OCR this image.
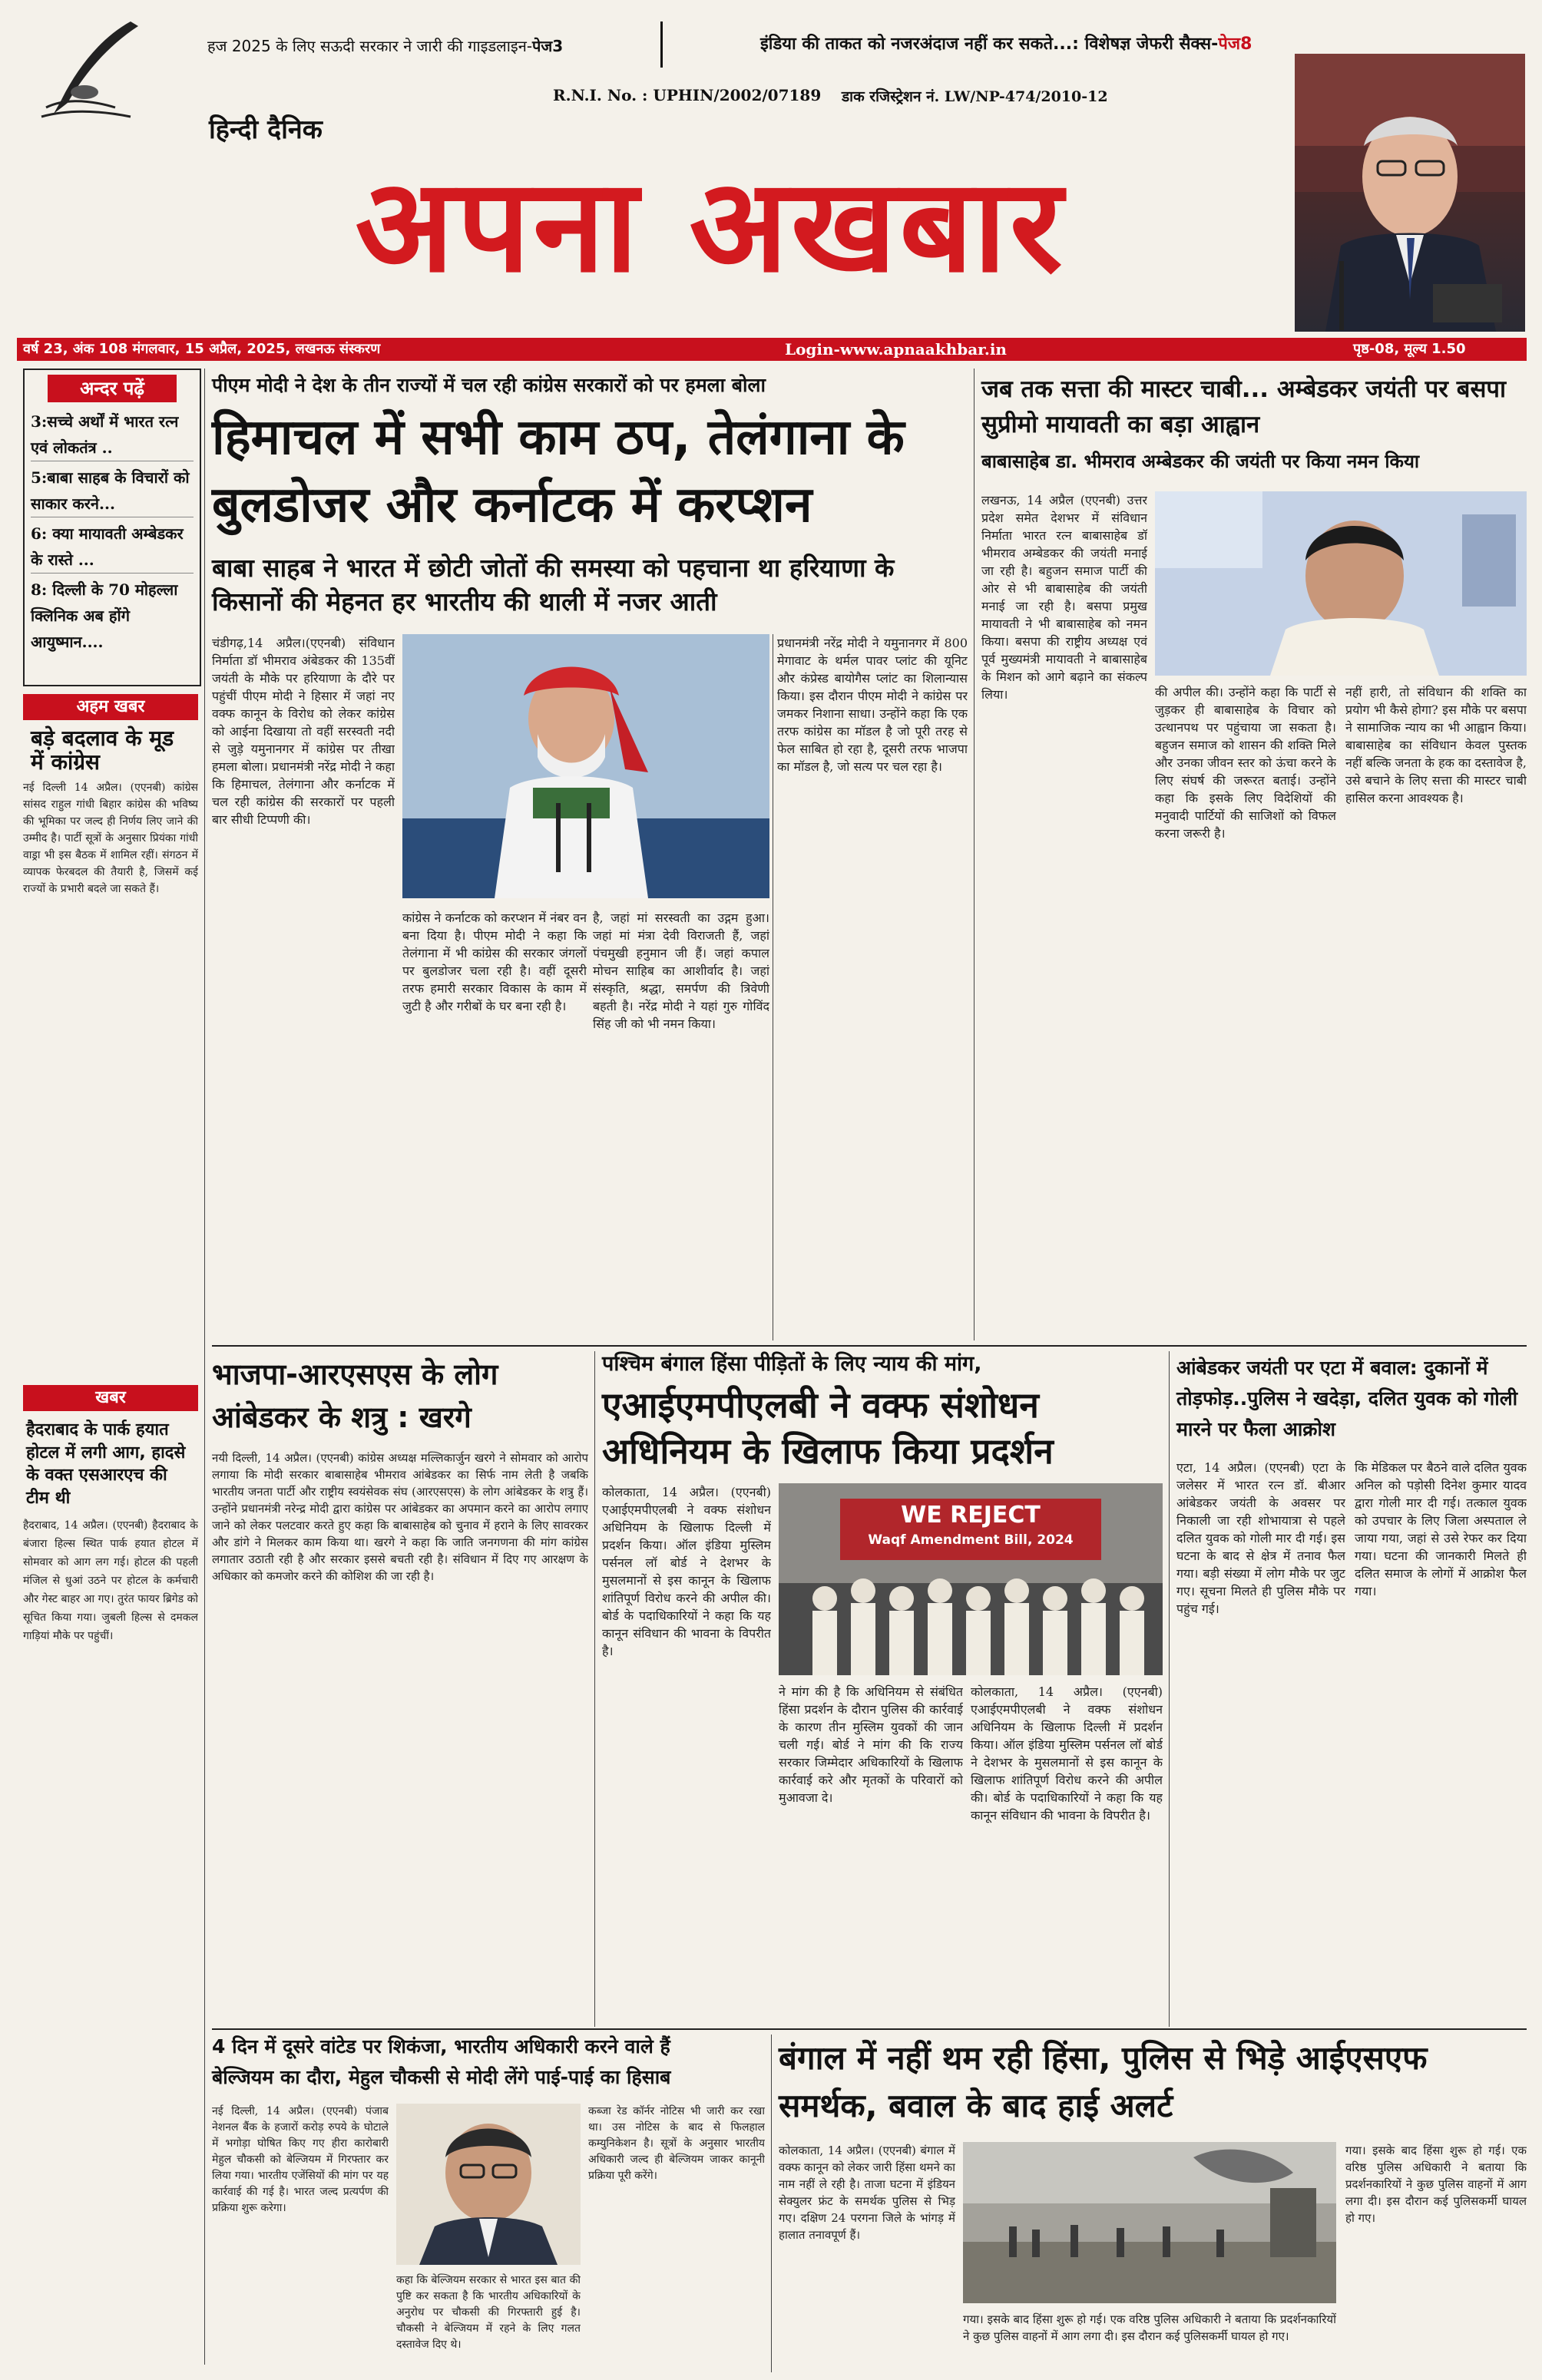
हज 2025 के लिए सऊदी सरकार ने जारी की गाइडलाइन-पेज3	इंडिया की ताकत को नजरअंदाज नहीं कर सकते...: विशेषज्ञ जेफरी सैक्स-पेज8
R.N.I. No. : UPHIN/2002/07189 डाक रजिस्ट्रेशन नं. LW/NP-474/2010-12
हिन्दी दैनिक
अपना अखबार
वर्ष 23, अंक 108 मंगलवार, 15 अप्रैल, 2025, लखनऊ संस्करण	Login-www.apnaakhbar.in	पृष्ठ-08, मूल्य 1.50
अन्दर पढ़ें
3:सच्चे अर्थों में भारत रत्न एवं लोकतंत्र ..
5:बाबा साहब के विचारों को साकार करने...
6: क्या मायावती अम्बेडकर के रास्ते ...
8: दिल्ली के 70 मोहल्ला क्लिनिक अब होंगे आयुष्मान....
अहम खबर
बड़े बदलाव के मूड में कांग्रेस
नई दिल्ली 14 अप्रैल। (एएनबी) कांग्रेस सांसद राहुल गांधी बिहार कांग्रेस की भविष्य की भूमिका पर जल्द ही निर्णय लिए जाने की उम्मीद है। पार्टी सूत्रों के अनुसार प्रियंका गांधी वाड्रा भी इस बैठक में शामिल रहीं। संगठन में व्यापक फेरबदल की तैयारी है, जिसमें कई राज्यों के प्रभारी बदले जा सकते हैं।
खबर
हैदराबाद के पार्क हयात होटल में लगी आग, हादसे के वक्त एसआरएच की टीम थी
हैदराबाद, 14 अप्रैल। (एएनबी) हैदराबाद के बंजारा हिल्स स्थित पार्क हयात होटल में सोमवार को आग लग गई। होटल की पहली मंजिल से धुआं उठने पर होटल के कर्मचारी और गेस्ट बाहर आ गए। तुरंत फायर ब्रिगेड को सूचित किया गया। जुबली हिल्स से दमकल गाड़ियां मौके पर पहुंचीं।
पीएम मोदी ने देश के तीन राज्यों में चल रही कांग्रेस सरकारों को पर हमला बोला
हिमाचल में सभी काम ठप, तेलंगाना के बुलडोजर और कर्नाटक में करप्शन
बाबा साहब ने भारत में छोटी जोतों की समस्या को पहचाना था हरियाणा के किसानों की मेहनत हर भारतीय की थाली में नजर आती
चंडीगढ़,14 अप्रैल।(एएनबी) संविधान निर्माता डॉ भीमराव अंबेडकर की 135वीं जयंती के मौके पर हरियाणा के दौरे पर पहुंचीं पीएम मोदी ने हिसार में जहां नए वक्फ कानून के विरोध को लेकर कांग्रेस को आईना दिखाया तो वहीं सरस्वती नदी से जुड़े यमुनानगर में कांग्रेस पर तीखा हमला बोला। प्रधानमंत्री नरेंद्र मोदी ने कहा कि हिमाचल, तेलंगाना और कर्नाटक में चल रही कांग्रेस की सरकारों पर पहली बार सीधी टिप्पणी की।
कांग्रेस ने कर्नाटक को करप्शन में नंबर वन बना दिया है। पीएम मोदी ने कहा कि तेलंगाना में भी कांग्रेस की सरकार जंगलों पर बुलडोजर चला रही है। वहीं दूसरी तरफ हमारी सरकार विकास के काम में जुटी है और गरीबों के घर बना रही है।
है, जहां मां सरस्वती का उद्गम हुआ। जहां मां मंत्रा देवी विराजती हैं, जहां पंचमुखी हनुमान जी हैं। जहां कपाल मोचन साहिब का आशीर्वाद है। जहां संस्कृति, श्रद्धा, समर्पण की त्रिवेणी बहती है। नरेंद्र मोदी ने यहां गुरु गोविंद सिंह जी को भी नमन किया।
प्रधानमंत्री नरेंद्र मोदी ने यमुनानगर में 800 मेगावाट के थर्मल पावर प्लांट की यूनिट और कंप्रेस्ड बायोगैस प्लांट का शिलान्यास किया। इस दौरान पीएम मोदी ने कांग्रेस पर जमकर निशाना साधा। उन्होंने कहा कि एक तरफ कांग्रेस का मॉडल है जो पूरी तरह से फेल साबित हो रहा है, दूसरी तरफ भाजपा का मॉडल है, जो सत्य पर चल रहा है।
जब तक सत्ता की मास्टर चाबी... अम्बेडकर जयंती पर बसपा सुप्रीमो मायावती का बड़ा आह्वान
बाबासाहेब डा. भीमराव अम्बेडकर की जयंती पर किया नमन किया
लखनऊ, 14 अप्रैल (एएनबी) उत्तर प्रदेश समेत देशभर में संविधान निर्माता भारत रत्न बाबासाहेब डॉ भीमराव अम्बेडकर की जयंती मनाई जा रही है। बहुजन समाज पार्टी की ओर से भी बाबासाहेब की जयंती मनाई जा रही है। बसपा प्रमुख मायावती ने भी बाबासाहेब को नमन किया। बसपा की राष्ट्रीय अध्यक्ष एवं पूर्व मुख्यमंत्री मायावती ने बाबासाहेब के मिशन को आगे बढ़ाने का संकल्प लिया।	की अपील की। उन्होंने कहा कि पार्टी से जुड़कर ही बाबासाहेब के विचार को उत्थानपथ पर पहुंचाया जा सकता है। बहुजन समाज को शासन की शक्ति मिले और उनका जीवन स्तर को ऊंचा करने के लिए संघर्ष की जरूरत बताई। उन्होंने कहा कि इसके लिए विदेशियों की मनुवादी पार्टियों की साजिशों को विफल करना जरूरी है।
नहीं हारी, तो संविधान की शक्ति का प्रयोग भी कैसे होगा? इस मौके पर बसपा ने सामाजिक न्याय का भी आह्वान किया। बाबासाहेब का संविधान केवल पुस्तक नहीं बल्कि जनता के हक का दस्तावेज है, उसे बचाने के लिए सत्ता की मास्टर चाबी हासिल करना आवश्यक है।
भाजपा-आरएसएस के लोग आंबेडकर के शत्रु : खरगे
नयी दिल्ली, 14 अप्रैल। (एएनबी) कांग्रेस अध्यक्ष मल्लिकार्जुन खरगे ने सोमवार को आरोप लगाया कि मोदी सरकार बाबासाहेब भीमराव आंबेडकर का सिर्फ नाम लेती है जबकि भारतीय जनता पार्टी और राष्ट्रीय स्वयंसेवक संघ (आरएसएस) के लोग आंबेडकर के शत्रु हैं। उन्होंने प्रधानमंत्री नरेन्द्र मोदी द्वारा कांग्रेस पर आंबेडकर का अपमान करने का आरोप लगाए जाने को लेकर पलटवार करते हुए कहा कि बाबासाहेब को चुनाव में हराने के लिए सावरकर और डांगे ने मिलकर काम किया था। खरगे ने कहा कि जाति जनगणना की मांग कांग्रेस लगातार उठाती रही है और सरकार इससे बचती रही है। संविधान में दिए गए आरक्षण के अधिकार को कमजोर करने की कोशिश की जा रही है।
पश्चिम बंगाल हिंसा पीड़ितों के लिए न्याय की मांग,
एआईएमपीएलबी ने वक्फ संशोधन अधिनियम के खिलाफ किया प्रदर्शन
कोलकाता, 14 अप्रैल। (एएनबी) एआईएमपीएलबी ने वक्फ संशोधन अधिनियम के खिलाफ दिल्ली में प्रदर्शन किया। ऑल इंडिया मुस्लिम पर्सनल लॉ बोर्ड ने देशभर के मुसलमानों से इस कानून के खिलाफ शांतिपूर्ण विरोध करने की अपील की। बोर्ड के पदाधिकारियों ने कहा कि यह कानून संविधान की भावना के विपरीत है।
WE REJECT
Waqf Amendment Bill, 2024
ने मांग की है कि अधिनियम से संबंधित हिंसा प्रदर्शन के दौरान पुलिस की कार्रवाई के कारण तीन मुस्लिम युवकों की जान चली गई। बोर्ड ने मांग की कि राज्य सरकार जिम्मेदार अधिकारियों के खिलाफ कार्रवाई करे और मृतकों के परिवारों को मुआवजा दे।
कोलकाता, 14 अप्रैल। (एएनबी) एआईएमपीएलबी ने वक्फ संशोधन अधिनियम के खिलाफ दिल्ली में प्रदर्शन किया। ऑल इंडिया मुस्लिम पर्सनल लॉ बोर्ड ने देशभर के मुसलमानों से इस कानून के खिलाफ शांतिपूर्ण विरोध करने की अपील की। बोर्ड के पदाधिकारियों ने कहा कि यह कानून संविधान की भावना के विपरीत है।
आंबेडकर जयंती पर एटा में बवाल: दुकानों में तोड़फोड़..पुलिस ने खदेड़ा, दलित युवक को गोली मारने पर फैला आक्रोश
एटा, 14 अप्रैल। (एएनबी) एटा के जलेसर में भारत रत्न डॉ. बीआर आंबेडकर जयंती के अवसर पर निकाली जा रही शोभायात्रा से पहले दलित युवक को गोली मार दी गई। इस घटना के बाद से क्षेत्र में तनाव फैल गया। बड़ी संख्या में लोग मौके पर जुट गए। सूचना मिलते ही पुलिस मौके पर पहुंच गई।
कि मेडिकल पर बैठने वाले दलित युवक अनिल को पड़ोसी दिनेश कुमार यादव द्वारा गोली मार दी गई। तत्काल युवक को उपचार के लिए जिला अस्पताल ले जाया गया, जहां से उसे रेफर कर दिया गया। घटना की जानकारी मिलते ही दलित समाज के लोगों में आक्रोश फैल गया।
4 दिन में दूसरे वांटेड पर शिकंजा, भारतीय अधिकारी करने वाले हैं
बेल्जियम का दौरा, मेहुल चौकसी से मोदी लेंगे पाई-पाई का हिसाब
नई दिल्ली, 14 अप्रैल। (एएनबी) पंजाब नेशनल बैंक के हजारों करोड़ रुपये के घोटाले में भगोड़ा घोषित किए गए हीरा कारोबारी मेहुल चौकसी को बेल्जियम में गिरफ्तार कर लिया गया। भारतीय एजेंसियों की मांग पर यह कार्रवाई की गई है। भारत जल्द प्रत्यर्पण की प्रक्रिया शुरू करेगा।
कहा कि बेल्जियम सरकार से भारत इस बात की पुष्टि कर सकता है कि भारतीय अधिकारियों के अनुरोध पर चौकसी की गिरफ्तारी हुई है। चौकसी ने बेल्जियम में रहने के लिए गलत दस्तावेज दिए थे।
कब्जा रेड कॉर्नर नोटिस भी जारी कर रखा था। उस नोटिस के बाद से फिलहाल कम्युनिकेशन है। सूत्रों के अनुसार भारतीय अधिकारी जल्द ही बेल्जियम जाकर कानूनी प्रक्रिया पूरी करेंगे।
बंगाल में नहीं थम रही हिंसा, पुलिस से भिड़े आईएसएफ समर्थक, बवाल के बाद हाई अलर्ट
कोलकाता, 14 अप्रैल। (एएनबी) बंगाल में वक्फ कानून को लेकर जारी हिंसा थमने का नाम नहीं ले रही है। ताजा घटना में इंडियन सेक्युलर फ्रंट के समर्थक पुलिस से भिड़ गए। दक्षिण 24 परगना जिले के भांगड़ में हालात तनावपूर्ण हैं।
गया। इसके बाद हिंसा शुरू हो गई। एक वरिष्ठ पुलिस अधिकारी ने बताया कि प्रदर्शनकारियों ने कुछ पुलिस वाहनों में आग लगा दी। इस दौरान कई पुलिसकर्मी घायल हो गए।
गया। इसके बाद हिंसा शुरू हो गई। एक वरिष्ठ पुलिस अधिकारी ने बताया कि प्रदर्शनकारियों ने कुछ पुलिस वाहनों में आग लगा दी। इस दौरान कई पुलिसकर्मी घायल हो गए।
